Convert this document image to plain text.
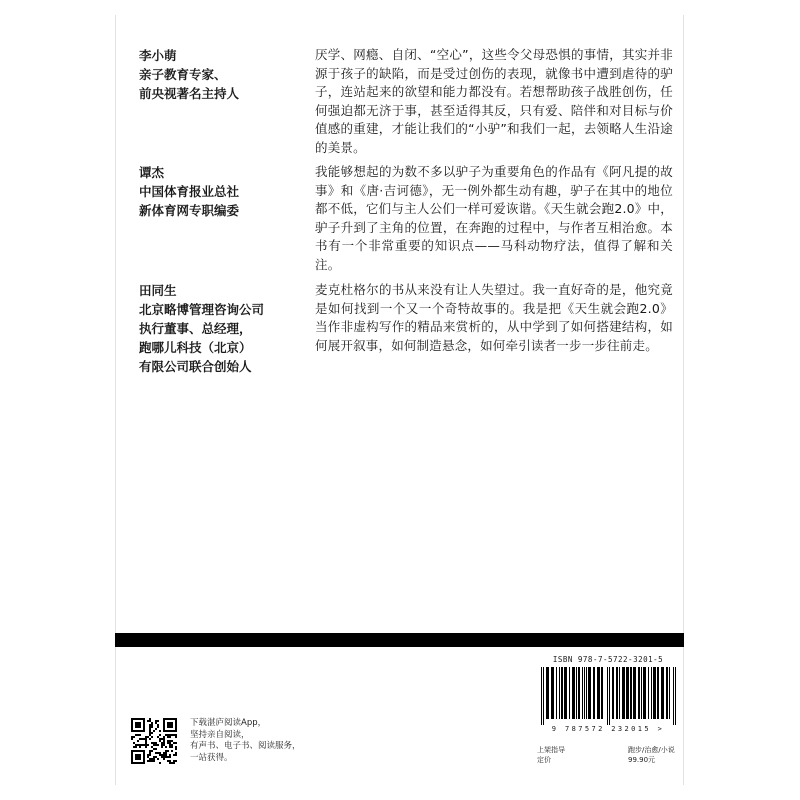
李小萌
亲子教育专家、
前央视著名主持人
厌学、网瘾、自闭、“空心”，这些令父母恐惧的事情，其实并非源于孩子的缺陷，而是受过创伤的表现，就像书中遭到虐待的驴子，连站起来的欲望和能力都没有。若想帮助孩子战胜创伤，任何强迫都无济于事，甚至适得其反，只有爱、陪伴和对目标与价值感的重建，才能让我们的“小驴”和我们一起，去领略人生沿途的美景。
谭杰
中国体育报业总社
新体育网专职编委
我能够想起的为数不多以驴子为重要角色的作品有《阿凡提的故事》和《唐·吉诃德》，无一例外都生动有趣，驴子在其中的地位都不低，它们与主人公们一样可爱诙谐。《天生就会跑2.0》中，驴子升到了主角的位置，在奔跑的过程中，与作者互相治愈。本书有一个非常重要的知识点——马科动物疗法，值得了解和关注。
田同生
北京略博管理咨询公司
执行董事、总经理，
跑哪儿科技（北京）
有限公司联合创始人
麦克杜格尔的书从来没有让人失望过。我一直好奇的是，他究竟是如何找到一个又一个奇特故事的。我是把《天生就会跑2.0》当作非虚构写作的精品来赏析的，从中学到了如何搭建结构，如何展开叙事，如何制造悬念，如何牵引读者一步一步往前走。
下载湛庐阅读App，
坚持亲自阅读，
有声书、电子书、阅读服务，
一站获得。
ISBN 978-7-5722-3201-5
9 787572 232015 >
上架指导
定价
跑步/治愈/小说
99.90元
